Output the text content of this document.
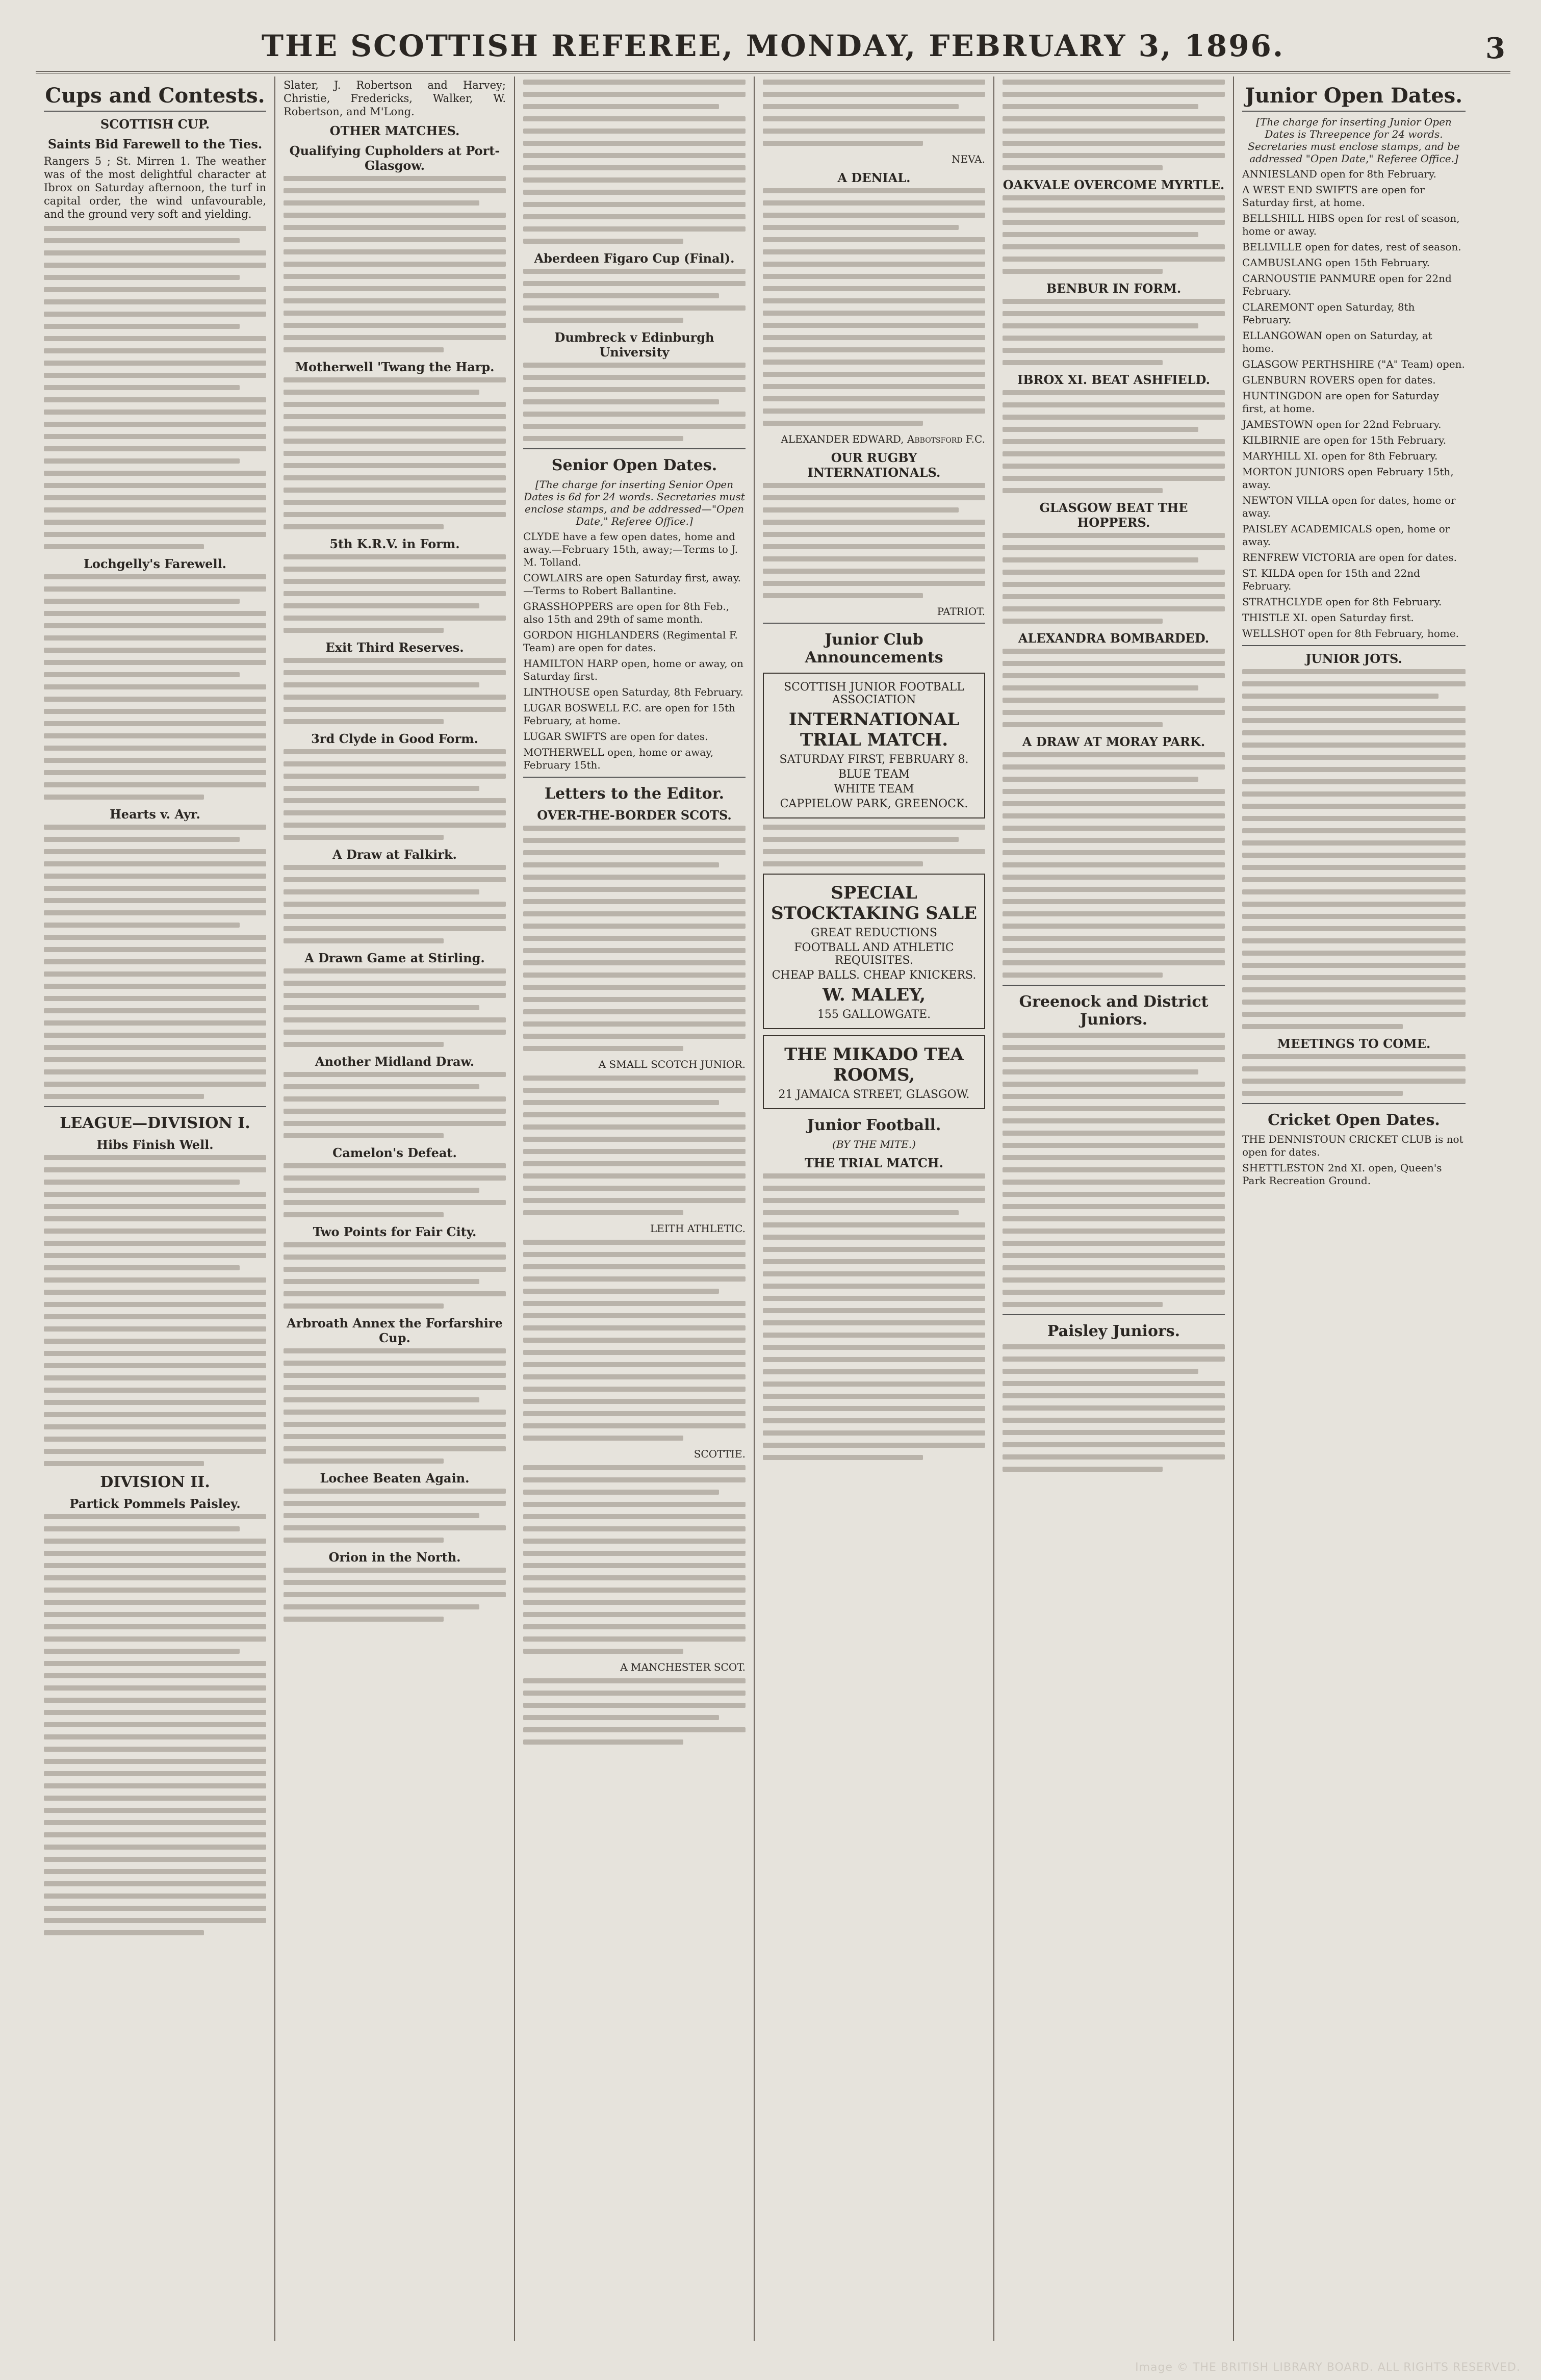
THE SCOTTISH REFEREE, MONDAY, FEBRUARY 3, 1896.	3
Cups and Contests.
SCOTTISH CUP.
Saints Bid Farewell to the Ties.
Rangers 5 ; St. Mirren 1. The weather was of the most delightful character at Ibrox on Saturday afternoon, the turf in capital order, the wind unfavourable, and the ground very soft and yielding.
Lochgelly's Farewell.
Hearts v. Ayr.
LEAGUE—DIVISION I.
Hibs Finish Well.
DIVISION II.
Partick Pommels Paisley.
Slater, J. Robertson and Harvey; Christie, Fredericks, Walker, W. Robertson, and M'Long.
OTHER MATCHES.
Qualifying Cupholders at Port-Glasgow.
Motherwell 'Twang the Harp.
5th K.R.V. in Form.
Exit Third Reserves.
3rd Clyde in Good Form.
A Draw at Falkirk.
A Drawn Game at Stirling.
Another Midland Draw.
Camelon's Defeat.
Two Points for Fair City.
Arbroath Annex the Forfarshire Cup.
Lochee Beaten Again.
Orion in the North.
Aberdeen Figaro Cup (Final).
Dumbreck v Edinburgh University
Senior Open Dates.
[The charge for inserting Senior Open Dates is 6d for 24 words. Secretaries must enclose stamps, and be addressed—"Open Date," Referee Office.]
CLYDE have a few open dates, home and away.—February 15th, away;—Terms to J. M. Tolland.
COWLAIRS are open Saturday first, away.—Terms to Robert Ballantine.
GRASSHOPPERS are open for 8th Feb., also 15th and 29th of same month.
GORDON HIGHLANDERS (Regimental F. Team) are open for dates.
HAMILTON HARP open, home or away, on Saturday first.
LINTHOUSE open Saturday, 8th February.
LUGAR BOSWELL F.C. are open for 15th February, at home.
LUGAR SWIFTS are open for dates.
MOTHERWELL open, home or away, February 15th.
Letters to the Editor.
OVER-THE-BORDER SCOTS.
A SMALL SCOTCH JUNIOR.
LEITH ATHLETIC.
SCOTTIE.
A MANCHESTER SCOT.
NEVA.
A DENIAL.
ALEXANDER EDWARD, Abbotsford F.C.
OUR RUGBY INTERNATIONALS.
PATRIOT.
Junior Club Announcements
SCOTTISH JUNIOR FOOTBALL ASSOCIATION
INTERNATIONAL TRIAL MATCH.
SATURDAY FIRST, FEBRUARY 8.
BLUE TEAM
WHITE TEAM
CAPPIELOW PARK, GREENOCK.
SPECIAL STOCKTAKING SALE
GREAT REDUCTIONS
FOOTBALL AND ATHLETIC REQUISITES.
CHEAP BALLS. CHEAP KNICKERS.
W. MALEY,
155 GALLOWGATE.
THE MIKADO TEA ROOMS,
21 JAMAICA STREET, GLASGOW.
Junior Football.
(BY THE MITE.)
THE TRIAL MATCH.
OAKVALE OVERCOME MYRTLE.
BENBUR IN FORM.
IBROX XI. BEAT ASHFIELD.
GLASGOW BEAT THE HOPPERS.
ALEXANDRA BOMBARDED.
A DRAW AT MORAY PARK.
Greenock and District Juniors.
Paisley Juniors.
Junior Open Dates.
[The charge for inserting Junior Open Dates is Threepence for 24 words. Secretaries must enclose stamps, and be addressed "Open Date," Referee Office.]
ANNIESLAND open for 8th February.
A WEST END SWIFTS are open for Saturday first, at home.
BELLSHILL HIBS open for rest of season, home or away.
BELLVILLE open for dates, rest of season.
CAMBUSLANG open 15th February.
CARNOUSTIE PANMURE open for 22nd February.
CLAREMONT open Saturday, 8th February.
ELLANGOWAN open on Saturday, at home.
GLASGOW PERTHSHIRE ("A" Team) open.
GLENBURN ROVERS open for dates.
HUNTINGDON are open for Saturday first, at home.
JAMESTOWN open for 22nd February.
KILBIRNIE are open for 15th February.
MARYHILL XI. open for 8th February.
MORTON JUNIORS open February 15th, away.
NEWTON VILLA open for dates, home or away.
PAISLEY ACADEMICALS open, home or away.
RENFREW VICTORIA are open for dates.
ST. KILDA open for 15th and 22nd February.
STRATHCLYDE open for 8th February.
THISTLE XI. open Saturday first.
WELLSHOT open for 8th February, home.
JUNIOR JOTS.
MEETINGS TO COME.
Cricket Open Dates.
THE DENNISTOUN CRICKET CLUB is not open for dates.
SHETTLESTON 2nd XI. open, Queen's Park Recreation Ground.
Image © THE BRITISH LIBRARY BOARD. ALL RIGHTS RESERVED.
